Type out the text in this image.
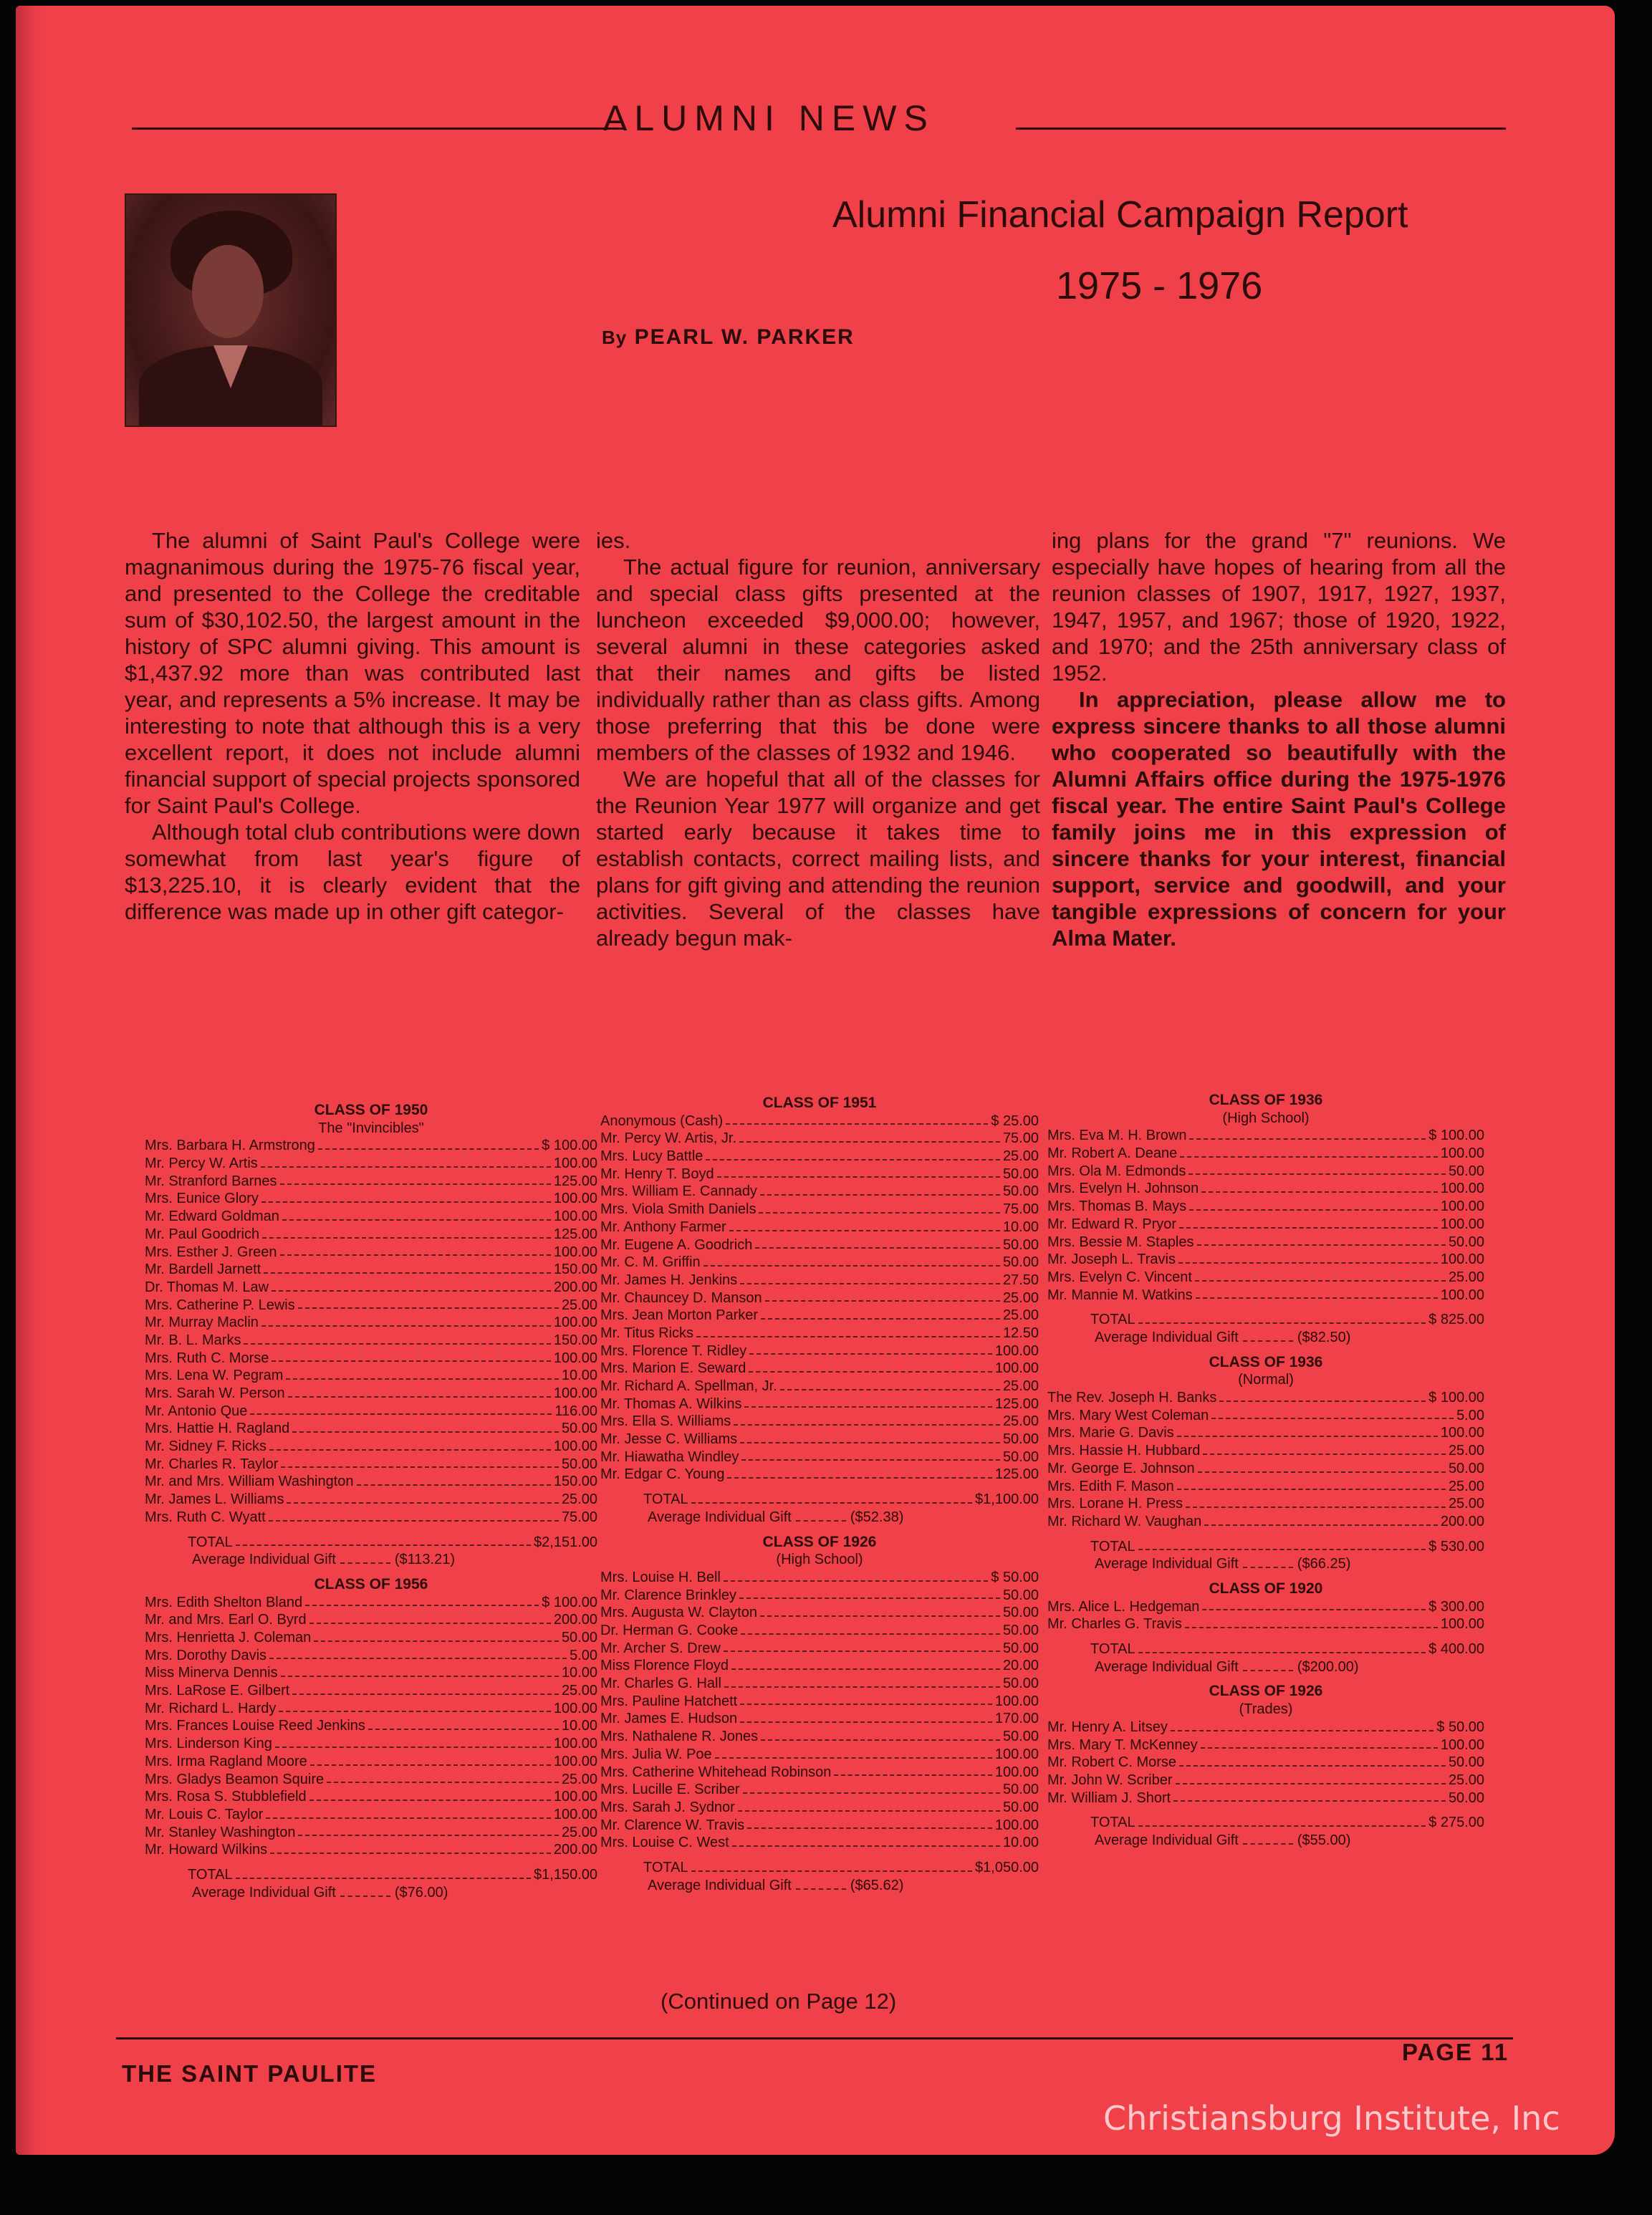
ALUMNI NEWS
Alumni Financial Campaign Report
1975 - 1976
By PEARL W. PARKER

The alumni of Saint Paul's College were magnanimous during the 1975-76 fiscal year, and presented to the College the creditable sum of $30,102.50, the largest amount in the history of SPC alumni giving. This amount is $1,437.92 more than was contributed last year, and represents a 5% increase. It may be interesting to note that although this is a very excellent report, it does not include alumni financial support of special projects sponsored for Saint Paul's College.

Although total club contributions were down somewhat from last year's figure of $13,225.10, it is clearly evident that the difference was made up in other gift categor-

ies.

The actual figure for reunion, anniversary and special class gifts presented at the luncheon exceeded $9,000.00; however, several alumni in these categories asked that their names and gifts be listed individually rather than as class gifts. Among those preferring that this be done were members of the classes of 1932 and 1946.

We are hopeful that all of the classes for the Reunion Year 1977 will organize and get started early because it takes time to establish contacts, correct mailing lists, and plans for gift giving and attending the reunion activities. Several of the classes have already begun mak-

ing plans for the grand "7" reunions. We especially have hopes of hearing from all the reunion classes of 1907, 1917, 1927, 1937, 1947, 1957, and 1967; those of 1920, 1922, and 1970; and the 25th anniversary class of 1952.

In appreciation, please allow me to express sincere thanks to all those alumni who cooperated so beautifully with the Alumni Affairs office during the 1975-1976 fiscal year. The entire Saint Paul's College family joins me in this expression of sincere thanks for your interest, financial support, service and goodwill, and your tangible expressions of concern for your Alma Mater.

CLASS OF 1950
The "Invincibles"
Mrs. Barbara H. Armstrong	$ 100.00
Mr. Percy W. Artis	100.00
Mr. Stranford Barnes	125.00
Mrs. Eunice Glory	100.00
Mr. Edward Goldman	100.00
Mr. Paul Goodrich	125.00
Mrs. Esther J. Green	100.00
Mr. Bardell Jarnett	150.00
Dr. Thomas M. Law	200.00
Mrs. Catherine P. Lewis	25.00
Mr. Murray Maclin	100.00
Mr. B. L. Marks	150.00
Mrs. Ruth C. Morse	100.00
Mrs. Lena W. Pegram	10.00
Mrs. Sarah W. Person	100.00
Mr. Antonio Que	116.00
Mrs. Hattie H. Ragland	50.00
Mr. Sidney F. Ricks	100.00
Mr. Charles R. Taylor	50.00
Mr. and Mrs. William Washington	150.00
Mr. James L. Williams	25.00
Mrs. Ruth C. Wyatt	75.00
TOTAL	$2,151.00
Average Individual Gift	($113.21)
CLASS OF 1956
Mrs. Edith Shelton Bland	$ 100.00
Mr. and Mrs. Earl O. Byrd	200.00
Mrs. Henrietta J. Coleman	50.00
Mrs. Dorothy Davis	5.00
Miss Minerva Dennis	10.00
Mrs. LaRose E. Gilbert	25.00
Mr. Richard L. Hardy	100.00
Mrs. Frances Louise Reed Jenkins	10.00
Mrs. Linderson King	100.00
Mrs. Irma Ragland Moore	100.00
Mrs. Gladys Beamon Squire	25.00
Mrs. Rosa S. Stubblefield	100.00
Mr. Louis C. Taylor	100.00
Mr. Stanley Washington	25.00
Mr. Howard Wilkins	200.00
TOTAL	$1,150.00
Average Individual Gift	($76.00)
CLASS OF 1951
Anonymous (Cash)	$ 25.00
Mr. Percy W. Artis, Jr.	75.00
Mrs. Lucy Battle	25.00
Mr. Henry T. Boyd	50.00
Mrs. William E. Cannady	50.00
Mrs. Viola Smith Daniels	75.00
Mr. Anthony Farmer	10.00
Mr. Eugene A. Goodrich	50.00
Mr. C. M. Griffin	50.00
Mr. James H. Jenkins	27.50
Mr. Chauncey D. Manson	25.00
Mrs. Jean Morton Parker	25.00
Mr. Titus Ricks	12.50
Mrs. Florence T. Ridley	100.00
Mrs. Marion E. Seward	100.00
Mr. Richard A. Spellman, Jr.	25.00
Mr. Thomas A. Wilkins	125.00
Mrs. Ella S. Williams	25.00
Mr. Jesse C. Williams	50.00
Mr. Hiawatha Windley	50.00
Mr. Edgar C. Young	125.00
TOTAL	$1,100.00
Average Individual Gift	($52.38)
CLASS OF 1926
(High School)
Mrs. Louise H. Bell	$ 50.00
Mr. Clarence Brinkley	50.00
Mrs. Augusta W. Clayton	50.00
Dr. Herman G. Cooke	50.00
Mr. Archer S. Drew	50.00
Miss Florence Floyd	20.00
Mr. Charles G. Hall	50.00
Mrs. Pauline Hatchett	100.00
Mr. James E. Hudson	170.00
Mrs. Nathalene R. Jones	50.00
Mrs. Julia W. Poe	100.00
Mrs. Catherine Whitehead Robinson	100.00
Mrs. Lucille E. Scriber	50.00
Mrs. Sarah J. Sydnor	50.00
Mr. Clarence W. Travis	100.00
Mrs. Louise C. West	10.00
TOTAL	$1,050.00
Average Individual Gift	($65.62)
CLASS OF 1936
(High School)
Mrs. Eva M. H. Brown	$ 100.00
Mr. Robert A. Deane	100.00
Mrs. Ola M. Edmonds	50.00
Mrs. Evelyn H. Johnson	100.00
Mrs. Thomas B. Mays	100.00
Mr. Edward R. Pryor	100.00
Mrs. Bessie M. Staples	50.00
Mr. Joseph L. Travis	100.00
Mrs. Evelyn C. Vincent	25.00
Mr. Mannie M. Watkins	100.00
TOTAL	$ 825.00
Average Individual Gift	($82.50)
CLASS OF 1936
(Normal)
The Rev. Joseph H. Banks	$ 100.00
Mrs. Mary West Coleman	5.00
Mrs. Marie G. Davis	100.00
Mrs. Hassie H. Hubbard	25.00
Mr. George E. Johnson	50.00
Mrs. Edith F. Mason	25.00
Mrs. Lorane H. Press	25.00
Mr. Richard W. Vaughan	200.00
TOTAL	$ 530.00
Average Individual Gift	($66.25)
CLASS OF 1920
Mrs. Alice L. Hedgeman	$ 300.00
Mr. Charles G. Travis	100.00
TOTAL	$ 400.00
Average Individual Gift	($200.00)
CLASS OF 1926
(Trades)
Mr. Henry A. Litsey	$ 50.00
Mrs. Mary T. McKenney	100.00
Mr. Robert C. Morse	50.00
Mr. John W. Scriber	25.00
Mr. William J. Short	50.00
TOTAL	$ 275.00
Average Individual Gift	($55.00)
(Continued on Page 12)
THE SAINT PAULITE
PAGE 11
Christiansburg Institute, Inc
